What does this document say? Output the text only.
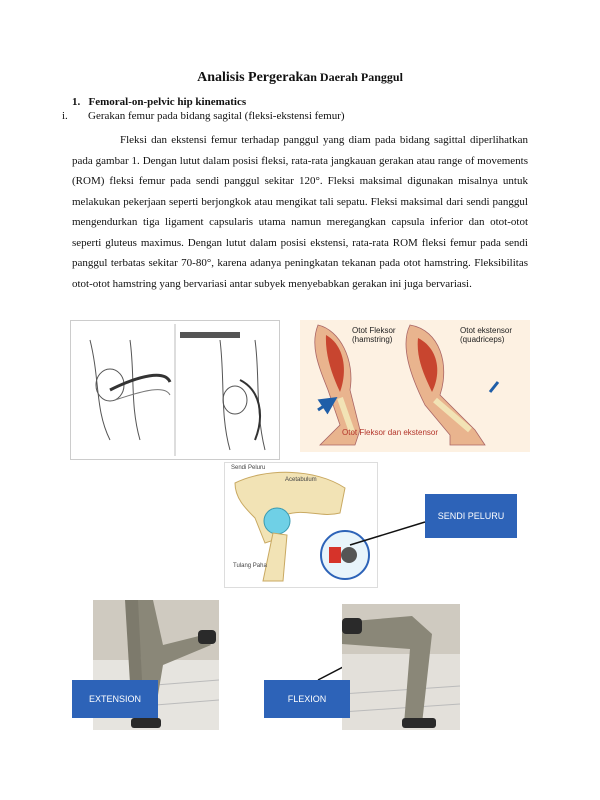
Analisis Pergerakan Daerah Panggul
1. Femoral-on-pelvic hip kinematics
i. Gerakan femur pada bidang sagital (fleksi-ekstensi femur)

Fleksi dan ekstensi femur terhadap panggul yang diam pada bidang sagittal diperlihatkan pada gambar 1. Dengan lutut dalam posisi fleksi, rata-rata jangkauan gerakan atau range of movements (ROM) fleksi femur pada sendi panggul sekitar 120°. Fleksi maksimal digunakan misalnya untuk melakukan pekerjaan seperti berjongkok atau mengikat tali sepatu. Fleksi maksimal dari sendi panggul mengendurkan tiga ligament capsularis utama namun meregangkan capsula inferior dan otot-otot seperti gluteus maximus. Dengan lutut dalam posisi ekstensi, rata-rata ROM fleksi femur pada sendi panggul terbatas sekitar 70-80°, karena adanya peningkatan tekanan pada otot hamstring. Fleksibilitas otot-otot hamstring yang bervariasi antar subyek menyebabkan gerakan ini juga bervariasi.

Otot Fleksor
(hamstring)
Otot ekstensor
(quadriceps)
Otot Fleksor dan ekstensor
Sendi Peluru
Acetabulum
Tulang Paha
SENDI PELURU
EXTENSION	FLEXION
